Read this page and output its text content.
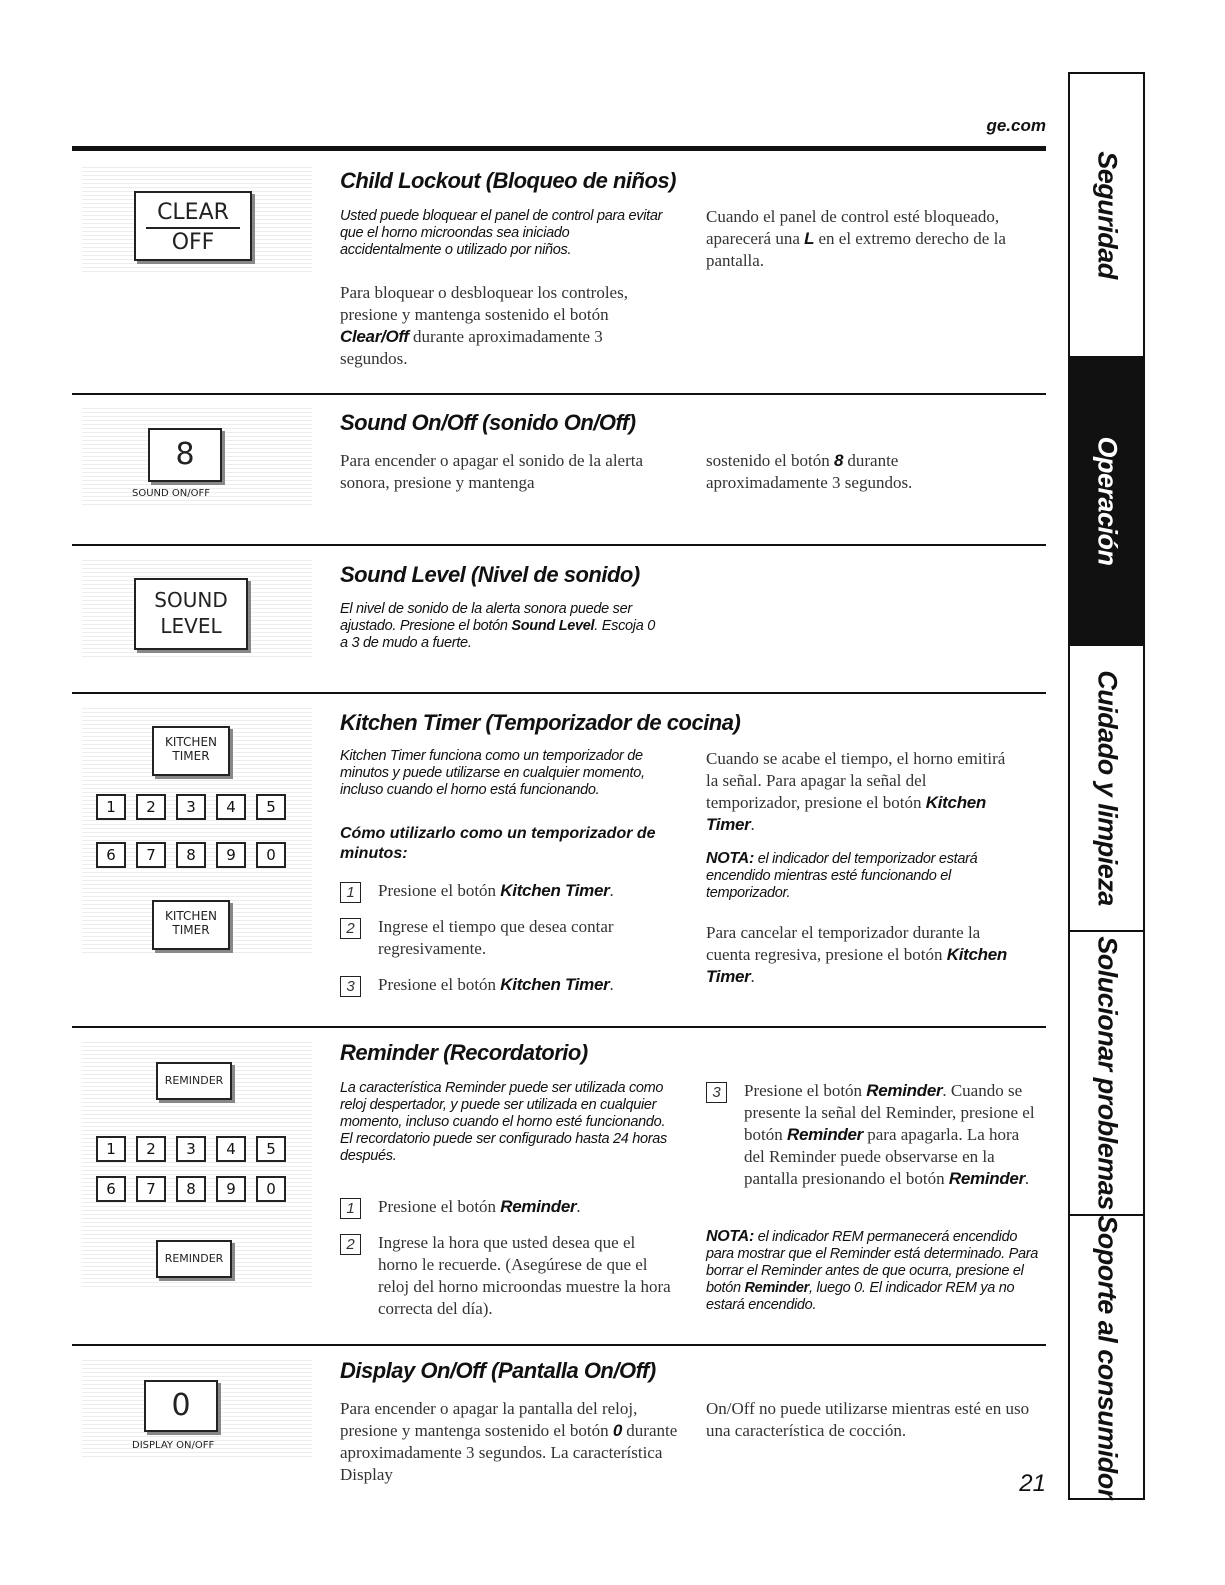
ge.com
CLEAR
OFF
Child Lockout (Bloqueo de niños)
Usted puede bloquear el panel de control para evitar que el horno microondas sea iniciado accidentalmente o utilizado por niños.
Para bloquear o desbloquear los controles, presione y mantenga sostenido el botón Clear/Off durante aproximadamente 3 segundos.
Cuando el panel de control esté bloqueado, aparecerá una L en el extremo derecho de la pantalla.
8
SOUND ON/OFF
Sound On/Off (sonido On/Off)
Para encender o apagar el sonido de la alerta sonora, presione y mantenga
sostenido el botón 8 durante aproximadamente 3 segundos.
SOUND
LEVEL
Sound Level (Nivel de sonido)
El nivel de sonido de la alerta sonora puede ser ajustado. Presione el botón Sound Level. Escoja 0 a 3 de mudo a fuerte.
KITCHEN
TIMER
1	2	3	4	5
6	7	8	9	0
KITCHEN
TIMER
Kitchen Timer (Temporizador de cocina)
Kitchen Timer funciona como un temporizador de minutos y puede utilizarse en cualquier momento, incluso cuando el horno está funcionando.
Cómo utilizarlo como un temporizador de minutos:
1	Presione el botón Kitchen Timer.
2	Ingrese el tiempo que desea contar regresivamente.
3	Presione el botón Kitchen Timer.
Cuando se acabe el tiempo, el horno emitirá la señal. Para apagar la señal del temporizador, presione el botón Kitchen Timer.
NOTA: el indicador del temporizador estará encendido mientras esté funcionando el temporizador.
Para cancelar el temporizador durante la cuenta regresiva, presione el botón Kitchen Timer.
REMINDER
1	2	3	4	5
6	7	8	9	0
REMINDER
Reminder (Recordatorio)
La característica Reminder puede ser utilizada como reloj despertador, y puede ser utilizada en cualquier momento, incluso cuando el horno esté funcionando. El recordatorio puede ser configurado hasta 24 horas después.
1	Presione el botón Reminder.
2	Ingrese la hora que usted desea que el horno le recuerde. (Asegúrese de que el reloj del horno microondas muestre la hora correcta del día).
3	Presione el botón Reminder. Cuando se presente la señal del Reminder, presione el botón Reminder para apagarla. La hora del Reminder puede observarse en la pantalla presionando el botón Reminder.
NOTA: el indicador REM permanecerá encendido para mostrar que el Reminder está determinado. Para borrar el Reminder antes de que ocurra, presione el botón Reminder, luego 0. El indicador REM ya no estará encendido.
0
DISPLAY ON/OFF
Display On/Off (Pantalla On/Off)
Para encender o apagar la pantalla del reloj, presione y mantenga sostenido el botón 0 durante aproximadamente 3 segundos. La característica Display
On/Off no puede utilizarse mientras esté en uso una característica de cocción.
21
Seguridad
Operación
Cuidado y limpieza
Solucionar problemas
Soporte al consumidor
